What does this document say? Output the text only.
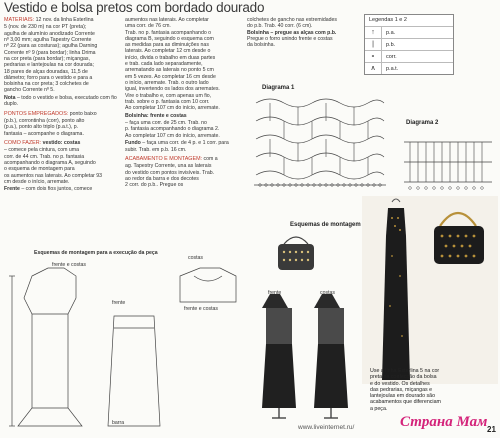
Vestido e bolsa pretos com bordado dourado

MATERIAIS: 12 nov. da linha Esterlina

5 (nov. de 230 m) na cor PT (preta);

agulha de alumínio anodizado Corrente

nº 3,00 mm; agulha Tapestry Corrente

nº 22 (para as costuras); agulha Darning

Corrente nº 9 (para bordar); linha Drima

na cor preta (para bordar); miçangas,

pedrarias e lantejoulas na cor dourada;

18 pares de alças douradas, 11,5 de

diâmetro; forro para o vestido e para a

bolsinha na cor preta; 3 colchetes de

gancho Corrente nº 5.

Nota – todo o vestido e bolsa, executado com fio duplo.

PONTOS EMPREGADOS: ponto baixo

(p.b.), corrontinha (corr), ponto alto

(p.a.), ponto alto triplo (p.a.t.), p.

fantasia – acompanhe o diagrama.

COMO FAZER: vestido: costas

– comece pela cintura, com uma

corr. de 44 cm. Trab. no p. fantasia

acompanhando o diagrama A, seguindo

o esquema de montagem para

os aumentos nas laterais. Ao completar 93

cm desde o início, arremate.

Frente – com dois fios juntos, comece

aumentos nas laterais. Ao completar

uma corr. de 76 cm.

Trab. no p. fantasia acompanhando o

diagrama B, seguindo o esquema com

as medidas para as diminuições nas

laterais. Ao completar 12 cm desde o

início, divida o trabalho em duas partes

e trab. cada lado separadamente,

arrematando as laterais no ponto 5 cm

em 5 vezes. Ao completar 16 cm desde

o início, arremate. Trab. o outro lado

igual, invertendo os lados dos arremates.

Vire o trabalho e, com apenas um fio,

trab. sobre o p. fantasia com 10 corr.

Ao completar 107 cm do início, arremate.

Bolsinha: frente e costas

– faça uma corr. de 25 cm. Trab. no

p. fantasia acompanhando o diagrama 2.

Ao completar 107 cm do início, arremate.

Fundo – faça uma corr. de 4 p. e 1 corr. para subir. Trab. em p.b. 16 cm.

ACABAMENTO E MONTAGEM: com a

ag. Tapestry Corrente, una as laterais

do vestido com pontos invisíveis. Trab.

ao redor da barra e dos decotes

2 corr. do p.b.. Pregue os

colchetes de gancho nas extremidades

do p.b. Trab. 40 corr. (6 cm).

Bolsinha – pregue as alças com p.b.

Pregue o forro unindo frente e costas

da bolsinha.

Legendas 1 e 2
↑	p.a.
|	p.b.
∘	corr.
∧	p.a.t.
Diagrama 1
Diagrama 2
Esquemas de montagem para a execução da peça
frente e costas
frente
costas
frente e costas
barra
Esquemas de montagem
frente	costas
Use a linha Esterlina 5 na cor
preta na confecção da bolsa
e do vestido. Os detalhes
das pedrarias, miçangas e
lantejoulas em dourado são
acabamentos que diferenciam
a peça.
www.liveinternet.ru/	Страна Мам 21
